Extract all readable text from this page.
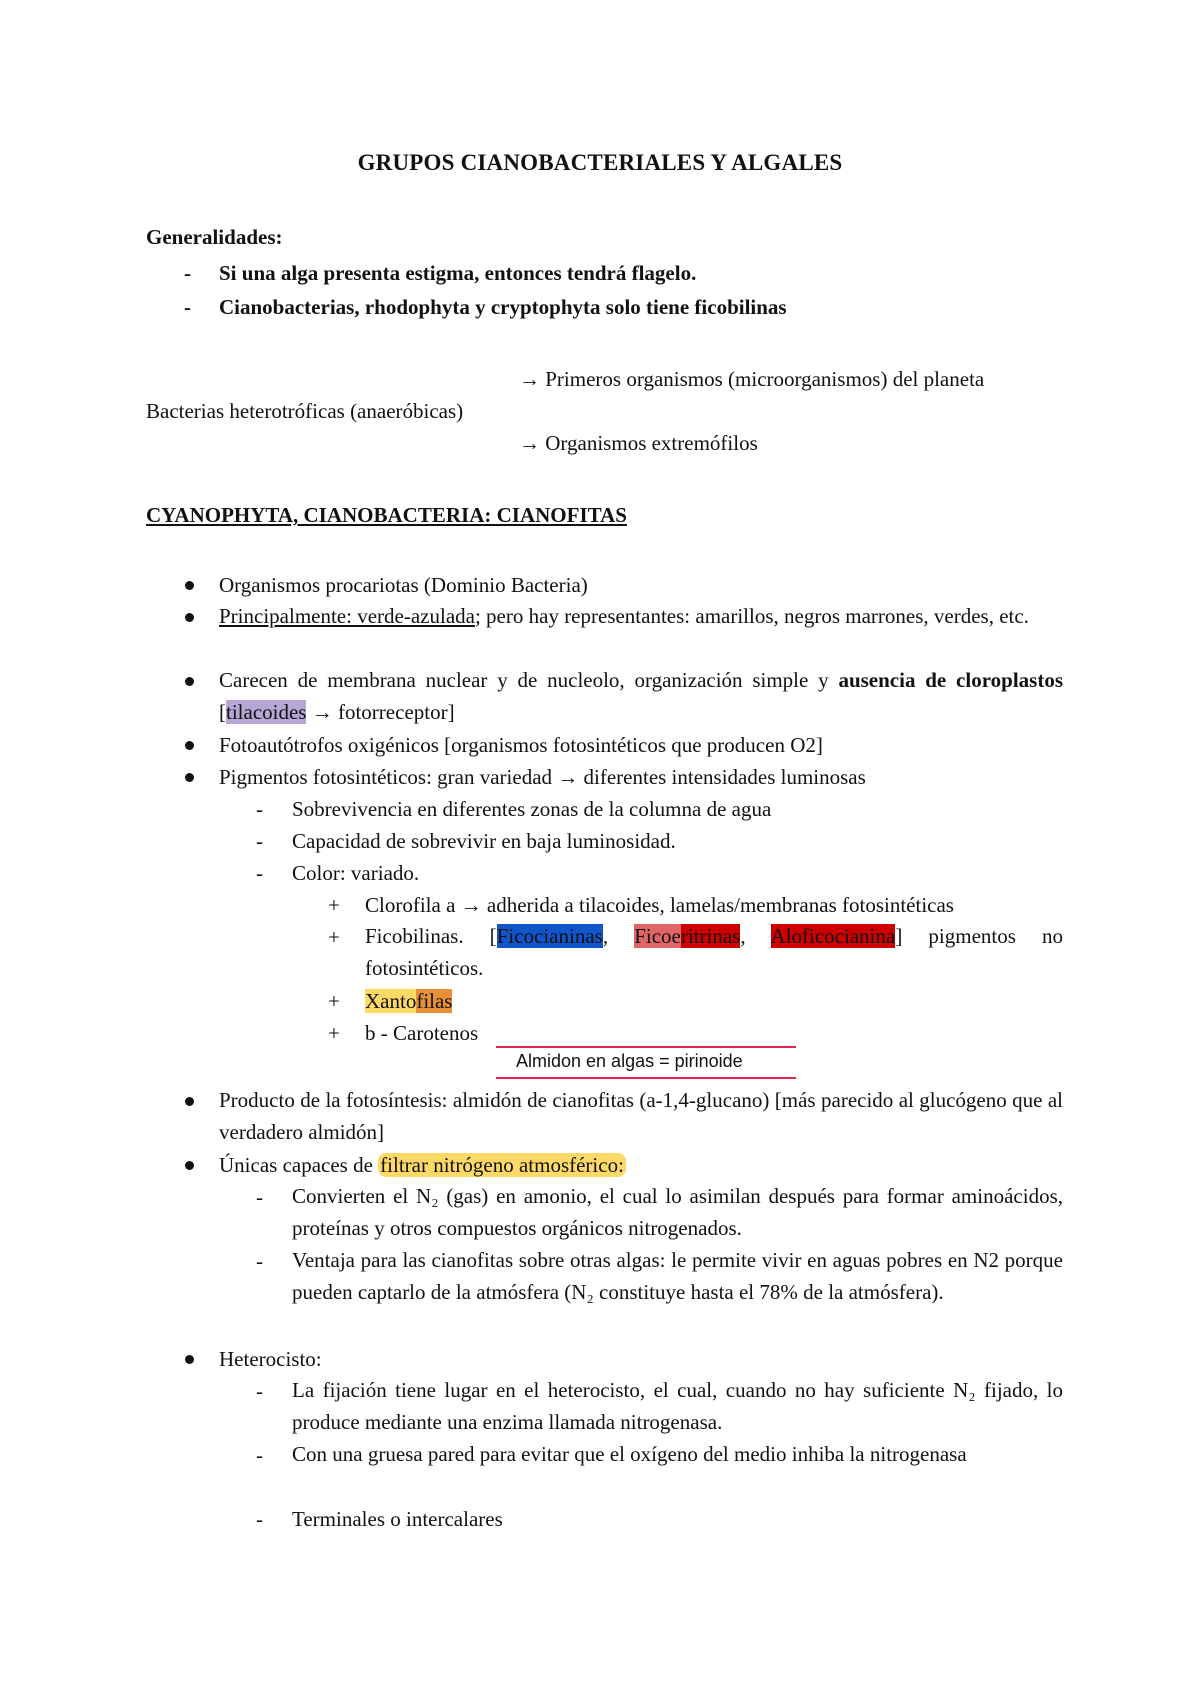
GRUPOS CIANOBACTERIALES Y ALGALES
Generalidades:
- Si una alga presenta estigma, entonces tendrá flagelo.
- Cianobacterias, rhodophyta y cryptophyta solo tiene ficobilinas
→ Primeros organismos (microorganismos) del planeta
Bacterias heterotróficas (anaeróbicas)
→ Organismos extremófilos
CYANOPHYTA, CIANOBACTERIA: CIANOFITAS
Organismos procariotas (Dominio Bacteria)
Principalmente: verde-azulada; pero hay representantes: amarillos, negros marrones, verdes, etc.
Carecen de membrana nuclear y de nucleolo, organización simple y ausencia de cloroplastos [tilacoides → fotorreceptor]
Fotoautótrofos oxigénicos [organismos fotosintéticos que producen O2]
Pigmentos fotosintéticos: gran variedad → diferentes intensidades luminosas
- Sobrevivencia en diferentes zonas de la columna de agua
- Capacidad de sobrevivir en baja luminosidad.
- Color: variado.
+ Clorofila a → adherida a tilacoides, lamelas/membranas fotosintéticas
+ Ficobilinas. [Ficocianinas, Ficoeritrinas, Aloficocianina] pigmentos no fotosintéticos.
+ Xantofilas
+ b - Carotenos
Almidon en algas = pirinoide
Producto de la fotosíntesis: almidón de cianofitas (a-1,4-glucano) [más parecido al glucógeno que al verdadero almidón]
Únicas capaces de filtrar nitrógeno atmosférico:
- Convierten el N₂ (gas) en amonio, el cual lo asimilan después para formar aminoácidos, proteínas y otros compuestos orgánicos nitrogenados.
- Ventaja para las cianofitas sobre otras algas: le permite vivir en aguas pobres en N2 porque pueden captarlo de la atmósfera (N₂ constituye hasta el 78% de la atmósfera).
Heterocisto:
- La fijación tiene lugar en el heterocisto, el cual, cuando no hay suficiente N₂ fijado, lo produce mediante una enzima llamada nitrogenasa.
- Con una gruesa pared para evitar que el oxígeno del medio inhiba la nitrogenasa
- Terminales o intercalares
